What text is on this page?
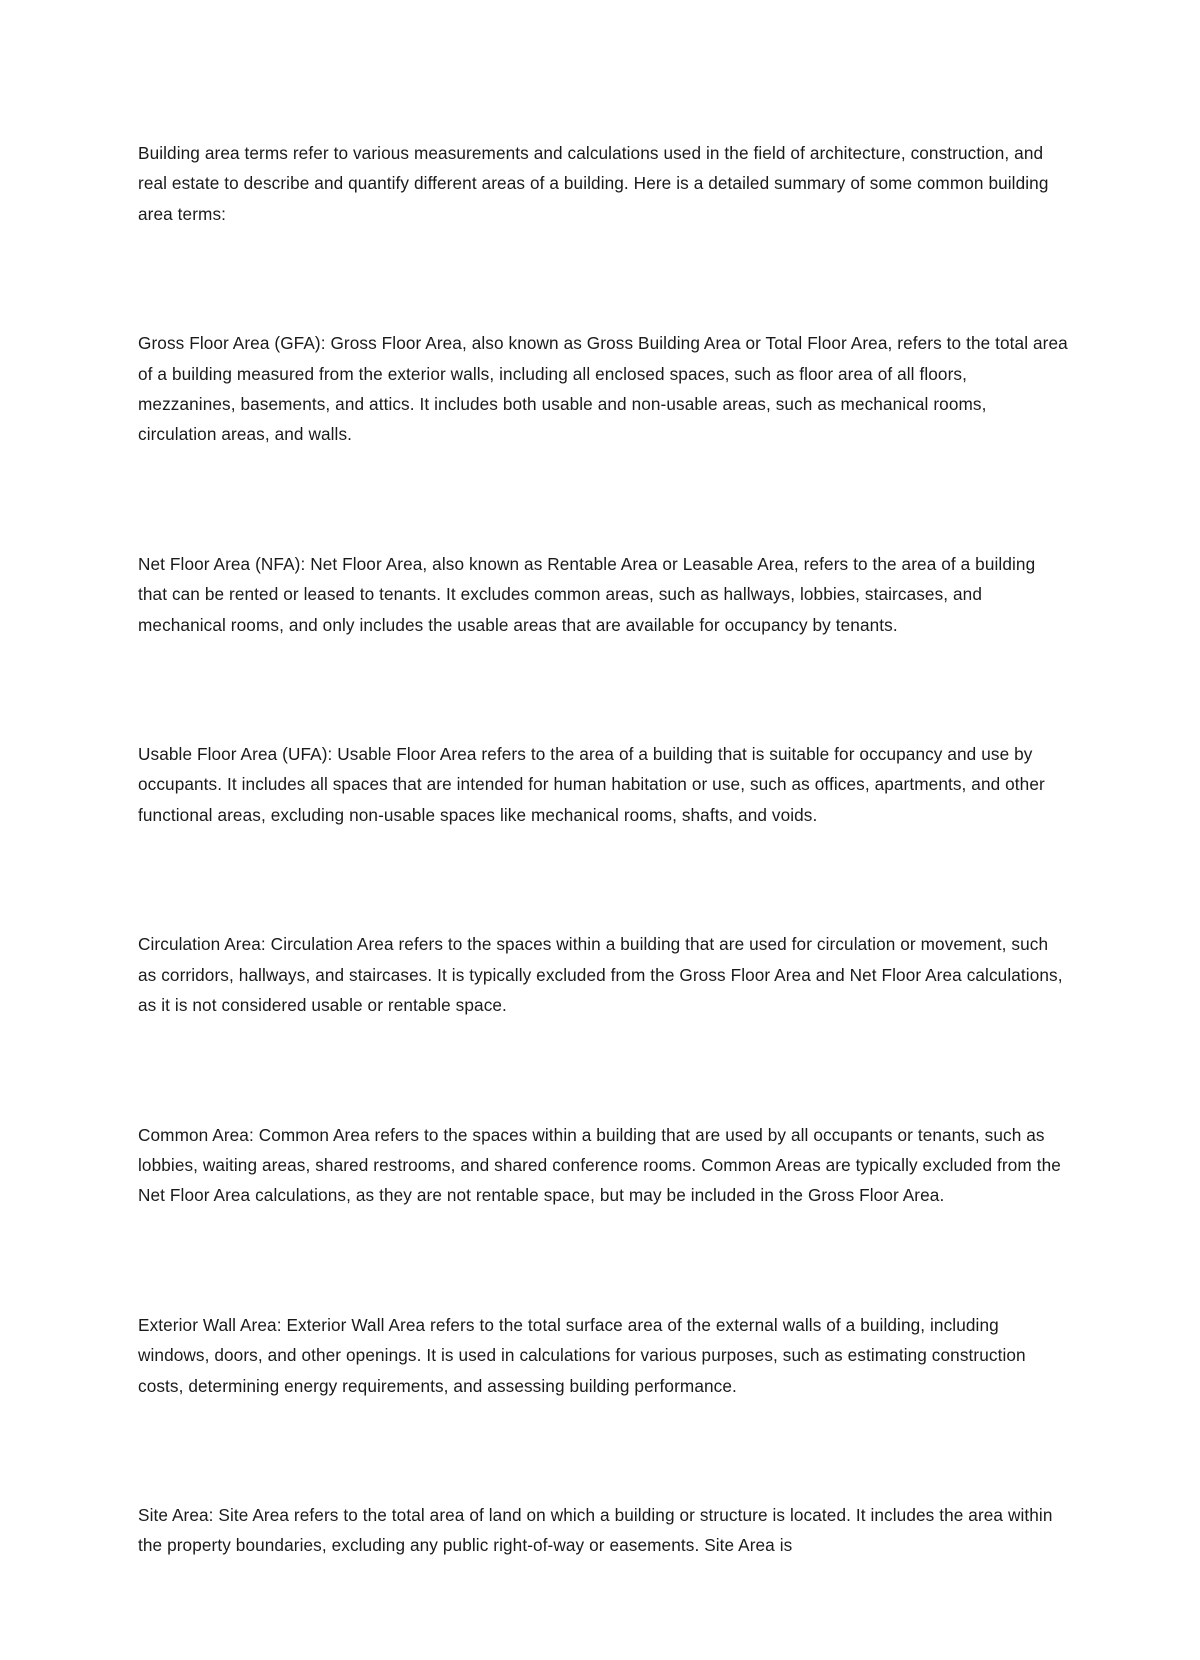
Building area terms refer to various measurements and calculations used in the field of architecture, construction, and real estate to describe and quantify different areas of a building. Here is a detailed summary of some common building area terms:

Gross Floor Area (GFA): Gross Floor Area, also known as Gross Building Area or Total Floor Area, refers to the total area of a building measured from the exterior walls, including all enclosed spaces, such as floor area of all floors, mezzanines, basements, and attics. It includes both usable and non-usable areas, such as mechanical rooms, circulation areas, and walls.

Net Floor Area (NFA): Net Floor Area, also known as Rentable Area or Leasable Area, refers to the area of a building that can be rented or leased to tenants. It excludes common areas, such as hallways, lobbies, staircases, and mechanical rooms, and only includes the usable areas that are available for occupancy by tenants.

Usable Floor Area (UFA): Usable Floor Area refers to the area of a building that is suitable for occupancy and use by occupants. It includes all spaces that are intended for human habitation or use, such as offices, apartments, and other functional areas, excluding non-usable spaces like mechanical rooms, shafts, and voids.

Circulation Area: Circulation Area refers to the spaces within a building that are used for circulation or movement, such as corridors, hallways, and staircases. It is typically excluded from the Gross Floor Area and Net Floor Area calculations, as it is not considered usable or rentable space.

Common Area: Common Area refers to the spaces within a building that are used by all occupants or tenants, such as lobbies, waiting areas, shared restrooms, and shared conference rooms. Common Areas are typically excluded from the Net Floor Area calculations, as they are not rentable space, but may be included in the Gross Floor Area.

Exterior Wall Area: Exterior Wall Area refers to the total surface area of the external walls of a building, including windows, doors, and other openings. It is used in calculations for various purposes, such as estimating construction costs, determining energy requirements, and assessing building performance.

Site Area: Site Area refers to the total area of land on which a building or structure is located. It includes the area within the property boundaries, excluding any public right-of-way or easements. Site Area is
